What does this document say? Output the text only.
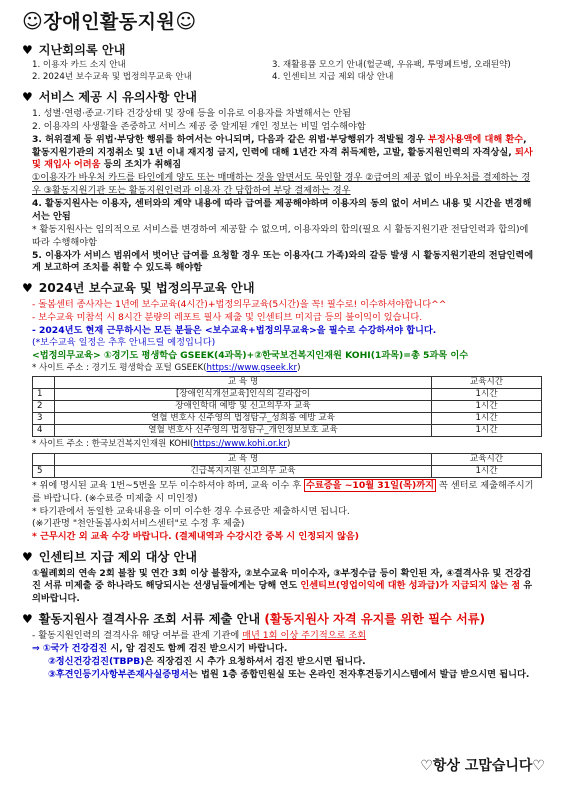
☺ 장애인활동지원 ☺
♥ 지난회의록 안내
1. 이용자 카드 소지 안내	3. 재활용품 모으기 안내(헐군팩, 우유팩, 투명페트병, 오래된약)
2. 2024년 보수교육 및 법정의무교육 안내	4. 인센티브 지급 제외 대상 안내
♥ 서비스 제공 시 유의사항 안내
1. 성별·연령·종교·기타 건강상태 및 장애 등을 이유로 이용자를 차별해서는 안됨
2. 이용자의 사생활을 존중하고 서비스 제공 중 알게된 개인 정보는 비밀 엄수해야함
3. 허위결제 등 위법·부당한 행위를 하여서는 아니되며, 다음과 같은 위법·부당행위가 적발될 경우 부정사용액에 대해 환수, 활동지원기관의 지정취소 및 1년 이내 재지정 금지, 인력에 대해 1년간 자격 취득제한, 고발, 활동지원인력의 자격상실, 퇴사 및 재입사 어려움 등의 조치가 취해짐
①이용자가 바우처 카드를 타인에게 양도 또는 매매하는 것을 알면서도 묵인할 경우 ②급여의 제공 없이 바우처를 결제하는 경우 ③활동지원기관 또는 활동지원인력과 이용자 간 담합하여 부당 결제하는 경우
4. 활동지원사는 이용자, 센터와의 계약 내용에 따라 급여를 제공해야하며 이용자의 동의 없이 서비스 내용 및 시간을 변경해서는 안됨
* 활동지원사는 임의적으로 서비스를 변경하여 제공할 수 없으며, 이용자와의 합의(필요 시 활동지원기관 전담인력과 합의)에 따라 수행해야함
5. 이용자가 서비스 범위에서 벗어난 급여를 요청할 경우 또는 이용자(그 가족)와의 갈등 발생 시 활동지원기관의 전담인력에게 보고하여 조치를 취할 수 있도록 해야함
♥ 2024년 보수교육 및 법정의무교육 안내
- 돌봄센터 종사자는 1년에 보수교육(4시간)+법정의무교육(5시간)을 꼭! 필수로! 이수하셔야합니다^^
- 보수교육 미참석 시 8시간 분량의 레포트 필사 제출 및 인센티브 미지급 등의 불이익이 있습니다.
- 2024년도 현재 근무하시는 모든 분들은 <보수교육+법정의무교육>을 필수로 수강하셔야 합니다.
(*보수교육 일정은 추후 안내드릴 예정입니다)
<법정의무교육> ①경기도 평생학습 GSEEK(4과목)+②한국보건복지인재원 KOHI(1과목)=총 5과목 이수
* 사이트 주소 : 경기도 평생학습 포털 GSEEK(https://www.gseek.kr)
	교 육 명	교육시간
1	[장애인식개선교육]인식의 길라잡이	1시간
2	장애인학대 예방 및 신고의무자 교육	1시간
3	열혈 변호사 신주영의 법정탐구_성희롱 예방 교육	1시간
4	열혈 변호사 신주영의 법정탐구_개인정보보호 교육	1시간
* 사이트 주소 : 한국보건복지인재원 KOHI(https://www.kohi.or.kr)
	교 육 명	교육시간
5	긴급복지지원 신고의무 교육	1시간
* 위에 명시된 교육 1번~5번을 모두 이수하셔야 하며, 교육 이수 후 수료증을 ~10월 31일(목)까지 꼭 센터로 제출해주시기를 바랍니다. (※수료증 미제출 시 미인정)
* 타기관에서 동일한 교육내용을 이미 이수한 경우 수료증만 제출하시면 됩니다.
(※기관명 "천안돌봄사회서비스센터"로 수정 후 제출)
* 근무시간 외 교육 수강 바랍니다. (결제내역과 수강시간 중복 시 인정되지 않음)
♥ 인센티브 지급 제외 대상 안내
①월례회의 연속 2회 불참 및 연간 3회 이상 불참자, ②보수교육 미이수자, ③부정수급 등이 확인된 자, ④결격사유 및 건강검진 서류 미제출 중 하나라도 해당되시는 선생님들에게는 당해 연도 인센티브(영업이익에 대한 성과급)가 지급되지 않는 점 유의바랍니다.
♥ 활동지원사 결격사유 조회 서류 제출 안내
(활동지원사 자격 유지를 위한 필수 서류)
- 활동지원인력의 결격사유 해당 여부를 관계 기관에 매년 1회 이상 주기적으로 조회
⇒ ①국가 건강검진 시, 암 검진도 함께 검진 받으시기 바랍니다.
②정신건강검진(TBPB)은 직장검진 시 추가 요청하셔서 검진 받으시면 됩니다.
③후견인등기사항부존재사실증명서는 법원 1층 종합민원실 또는 온라인 전자후견등기시스템에서 발급 받으시면 됩니다.
♡항상 고맙습니다♡
